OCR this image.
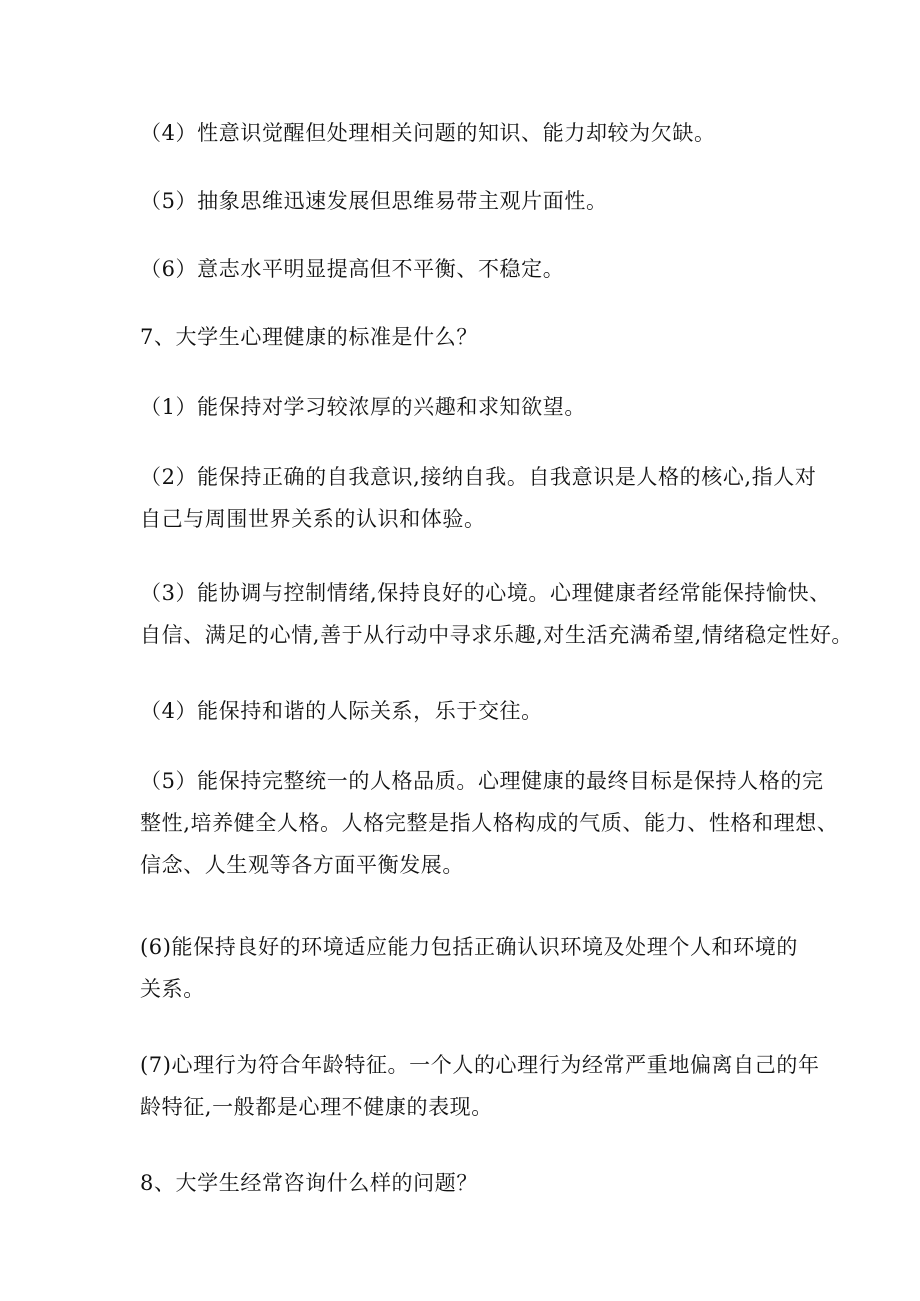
（4）性意识觉醒但处理相关问题的知识、能力却较为欠缺。

（5）抽象思维迅速发展但思维易带主观片面性。

（6）意志水平明显提高但不平衡、不稳定。

7、大学生心理健康的标准是什么？

（1）能保持对学习较浓厚的兴趣和求知欲望。

（2）能保持正确的自我意识,接纳自我。自我意识是人格的核心,指人对
自己与周围世界关系的认识和体验。

（3）能协调与控制情绪,保持良好的心境。心理健康者经常能保持愉快、
自信、满足的心情,善于从行动中寻求乐趣,对生活充满希望,情绪稳定性好。

（4）能保持和谐的人际关系，乐于交往。

（5）能保持完整统一的人格品质。心理健康的最终目标是保持人格的完
整性,培养健全人格。人格完整是指人格构成的气质、能力、性格和理想、
信念、人生观等各方面平衡发展。

(6)能保持良好的环境适应能力包括正确认识环境及处理个人和环境的
关系。

(7)心理行为符合年龄特征。一个人的心理行为经常严重地偏离自己的年
龄特征,一般都是心理不健康的表现。

8、大学生经常咨询什么样的问题？
